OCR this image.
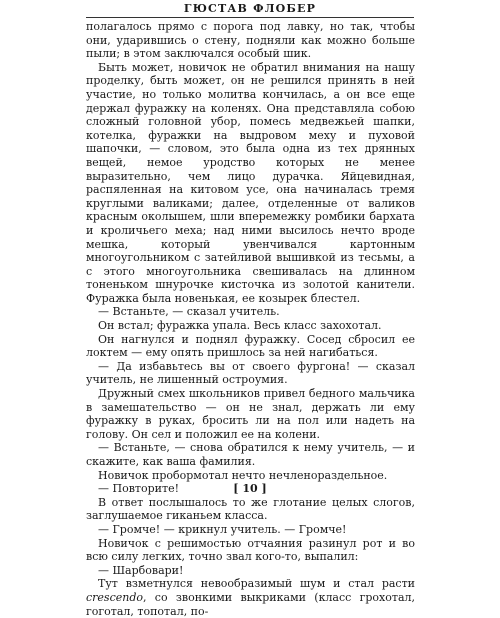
ГЮСТАВ ФЛОБЕР

полагалось прямо с порога под лавку, но так, чтобы они, ударившись о стену, подняли как можно больше пыли; в этом заключался особый шик.

Быть может, новичок не обратил внимания на нашу проделку, быть может, он не решился принять в ней участие, но только молитва кончилась, а он все еще держал фуражку на коленях. Она представляла собою сложный головной убор, помесь медвежьей шапки, котелка, фуражки на выдровом меху и пуховой шапочки, — словом, это была одна из тех дрянных вещей, немое уродство которых не менее выразительно, чем лицо дурачка. Яйцевидная, распяленная на китовом усе, она начиналась тремя круглыми валиками; далее, отделенные от валиков красным околышем, шли вперемежку ромбики бархата и кроличьего меха; над ними высилось нечто вроде мешка, который увенчивался картонным многоугольником с затейливой вышивкой из тесьмы, а с этого многоугольника свешивалась на длинном тоненьком шнурочке кисточка из золотой канители. Фуражка была новенькая, ее козырек блестел.

— Встаньте, — сказал учитель.

Он встал; фуражка упала. Весь класс захохотал.

Он нагнулся и поднял фуражку. Сосед сбросил ее локтем — ему опять пришлось за ней нагибаться.

— Да избавьтесь вы от своего фургона! — сказал учитель, не лишенный остроумия.

Дружный смех школьников привел бедного мальчика в замешательство — он не знал, держать ли ему фуражку в руках, бросить ли на пол или надеть на голову. Он сел и положил ее на колени.

— Встаньте, — снова обратился к нему учитель, — и скажите, как ваша фамилия.

Новичок пробормотал нечто нечленораздельное.

— Повторите!

В ответ послышалось то же глотание целых слогов, заглушаемое гиканьем класса.

— Громче! — крикнул учитель. — Громче!

Новичок с решимостью отчаяния разинул рот и во всю силу легких, точно звал кого-то, выпалил:

— Шарбовари!

Тут взметнулся невообразимый шум и стал расти crescendo, со звонкими выкриками (класс грохотал, гоготал, топотал, по-

[ 10 ]
